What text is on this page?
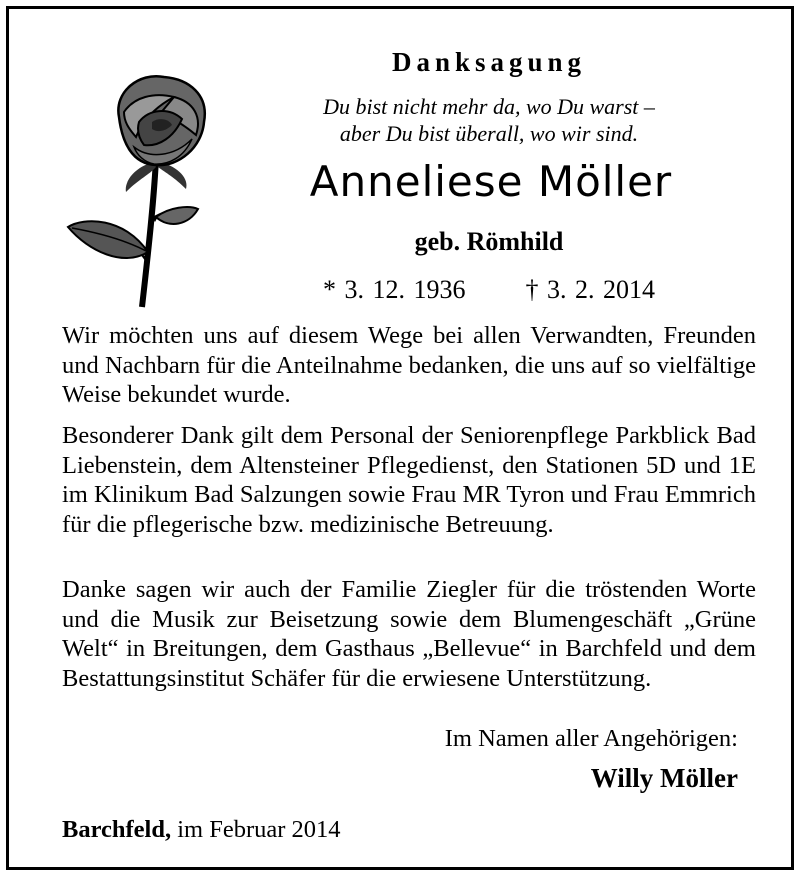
Danksagung
Du bist nicht mehr da, wo Du warst –
aber Du bist überall, wo wir sind.
Anneliese Möller
geb. Römhild
* 3. 12. 1936 † 3. 2. 2014

Wir möchten uns auf diesem Wege bei allen Verwandten, Freunden und Nachbarn für die Anteilnahme bedanken, die uns auf so vielfältige Weise bekundet wurde.

Besonderer Dank gilt dem Personal der Seniorenpflege Parkblick Bad Liebenstein, dem Altensteiner Pflegedienst, den Stationen 5D und 1E im Klinikum Bad Salzungen sowie Frau MR Tyron und Frau Emmrich für die pflegerische bzw. medizinische Betreuung.

Danke sagen wir auch der Familie Ziegler für die tröstenden Worte und die Musik zur Beisetzung sowie dem Blumengeschäft „Grüne Welt“ in Breitungen, dem Gasthaus „Bellevue“ in Barchfeld und dem Bestattungsinstitut Schäfer für die erwiesene Unterstützung.

Im Namen aller Angehörigen:
Willy Möller
Barchfeld, im Februar 2014
